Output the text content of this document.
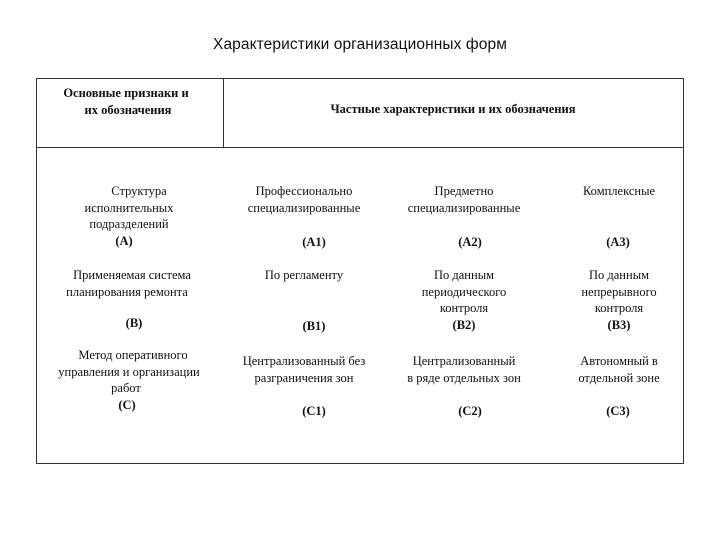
Характеристики организационных форм
Основные признаки и
их обозначения	Частные характеристики и их обозначения
Структура
исполнительных
подразделений
(А)
Профессионально
специализированные
(А1)
Предметно
специализированные
(А2)
Комплексные
(А3)
Применяемая система
планирования ремонта
(В)
По регламенту
(В1)
По данным
периодического
контроля
(В2)
По данным
непрерывного
контроля
(В3)
Метод оперативного
управления и организации
работ
(С)
Централизованный без
разграничения зон
(С1)
Централизованный
в ряде отдельных зон
(С2)
Автономный в
отдельной зоне
(С3)
